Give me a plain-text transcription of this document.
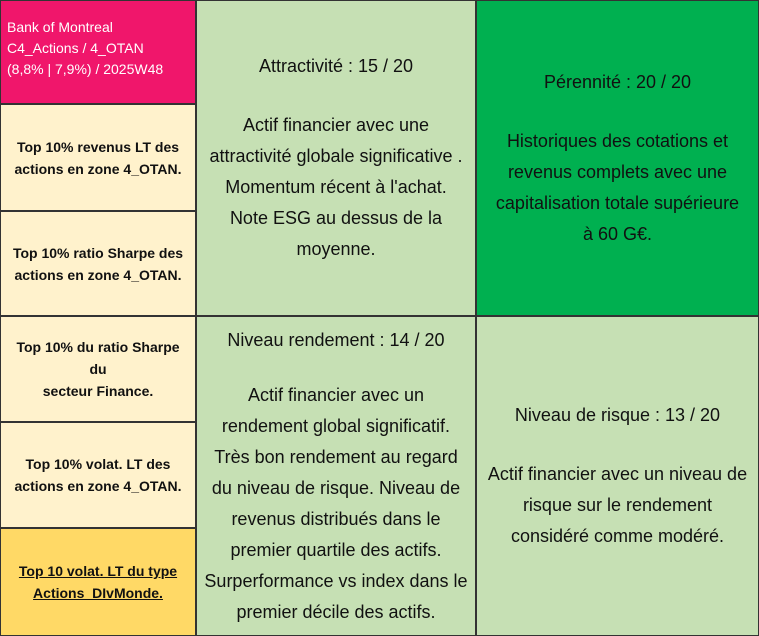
Bank of Montreal
C4_Actions / 4_OTAN
(8,8% | 7,9%) / 2025W48
Top 10% revenus LT des
actions en zone 4_OTAN.
Top 10% ratio Sharpe des
actions en zone 4_OTAN.
Top 10% du ratio Sharpe du
secteur Finance.
Top 10% volat. LT des
actions en zone 4_OTAN.
Top 10 volat. LT du type
Actions_DIvMonde.
Attractivité : 15 / 20
Actif financier avec une
attractivité globale significative .
Momentum récent à l'achat.
Note ESG au dessus de la
moyenne.
Pérennité : 20 / 20
Historiques des cotations et
revenus complets avec une
capitalisation totale supérieure
à 60 G€.
Niveau rendement : 14 / 20
Actif financier avec un
rendement global significatif.
Très bon rendement au regard
du niveau de risque. Niveau de
revenus distribués dans le
premier quartile des actifs.
Surperformance vs index dans le
premier décile des actifs.
Niveau de risque : 13 / 20
Actif financier avec un niveau de
risque sur le rendement
considéré comme modéré.
